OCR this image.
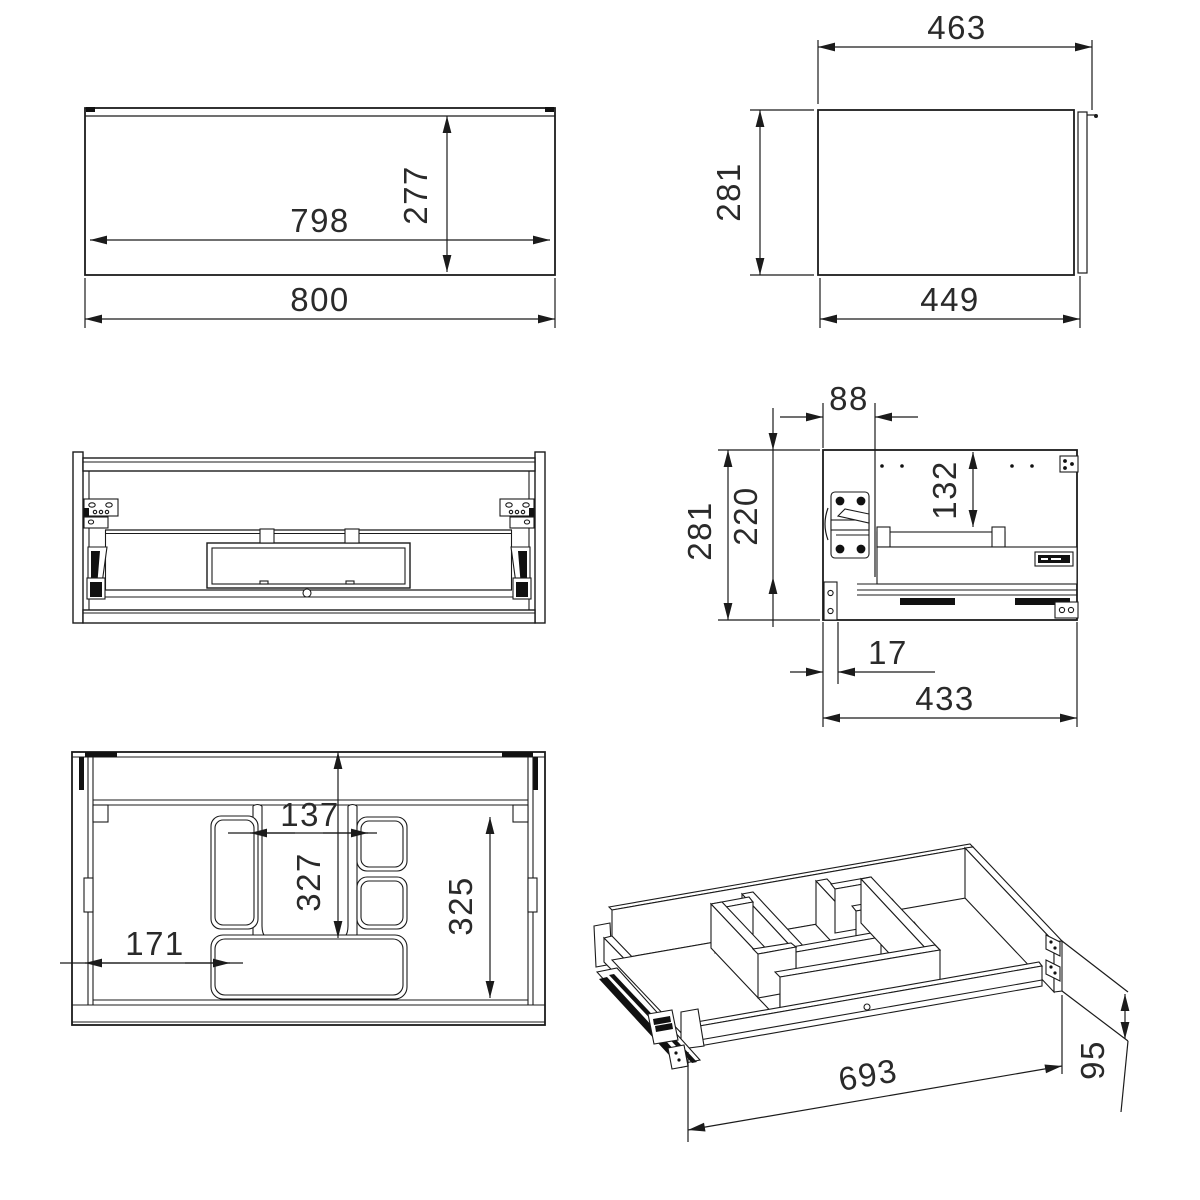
798 277
800
463
281
449
88
281 220	132
17
433
137
327	325
171
693	95
